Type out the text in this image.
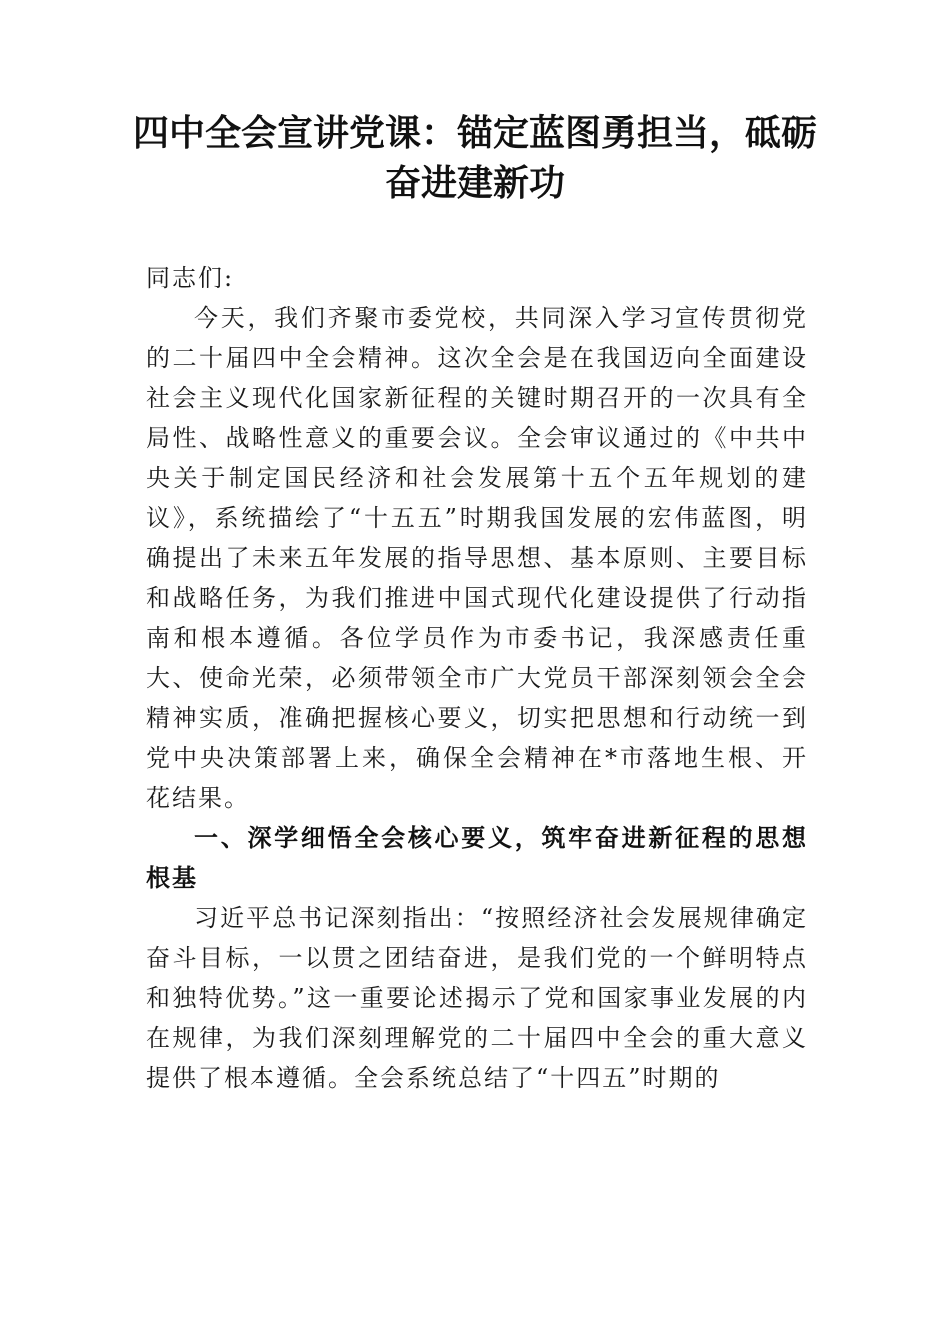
四中全会宣讲党课：锚定蓝图勇担当，砥砺奋进建新功

同志们:

今天，我们齐聚市委党校，共同深入学习宣传贯彻党的二十届四中全会精神。这次全会是在我国迈向全面建设社会主义现代化国家新征程的关键时期召开的一次具有全局性、战略性意义的重要会议。全会审议通过的《中共中央关于制定国民经济和社会发展第十五个五年规划的建议》，系统描绘了“十五五”时期我国发展的宏伟蓝图，明确提出了未来五年发展的指导思想、基本原则、主要目标和战略任务，为我们推进中国式现代化建设提供了行动指南和根本遵循。各位学员作为市委书记，我深感责任重大、使命光荣，必须带领全市广大党员干部深刻领会全会精神实质，准确把握核心要义，切实把思想和行动统一到党中央决策部署上来，确保全会精神在*市落地生根、开花结果。

一、深学细悟全会核心要义，筑牢奋进新征程的思想根基

习近平总书记深刻指出：“按照经济社会发展规律确定奋斗目标，一以贯之团结奋进，是我们党的一个鲜明特点和独特优势。”这一重要论述揭示了党和国家事业发展的内在规律，为我们深刻理解党的二十届四中全会的重大意义提供了根本遵循。全会系统总结了“十四五”时期的
